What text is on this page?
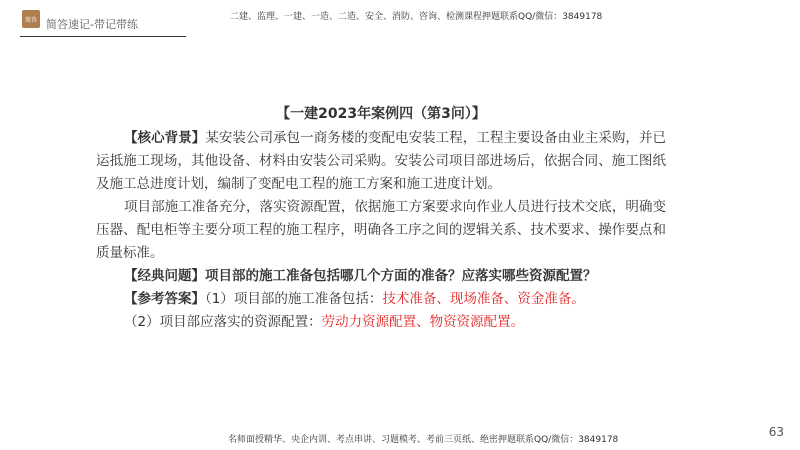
简答 简答速记-带记带练
二建、监理、一建、一造、二造、安全、消防、咨询、检测课程押题联系QQ/微信：3849178
【一建2023年案例四（第3问）】

【核心背景】某安装公司承包一商务楼的变配电安装工程，工程主要设备由业主采购，并已运抵施工现场，其他设备、材料由安装公司采购。安装公司项目部进场后，依据合同、施工图纸及施工总进度计划，编制了变配电工程的施工方案和施工进度计划。

项目部施工准备充分，落实资源配置，依据施工方案要求向作业人员进行技术交底，明确变压器、配电柜等主要分项工程的施工程序，明确各工序之间的逻辑关系、技术要求、操作要点和质量标准。

【经典问题】项目部的施工准备包括哪几个方面的准备？应落实哪些资源配置？

【参考答案】（1）项目部的施工准备包括：技术准备、现场准备、资金准备。

（2）项目部应落实的资源配置：劳动力资源配置、物资资源配置。

63
名师面授精华、央企内训、考点串讲、习题模考、考前三页纸、绝密押题联系QQ/微信：3849178
